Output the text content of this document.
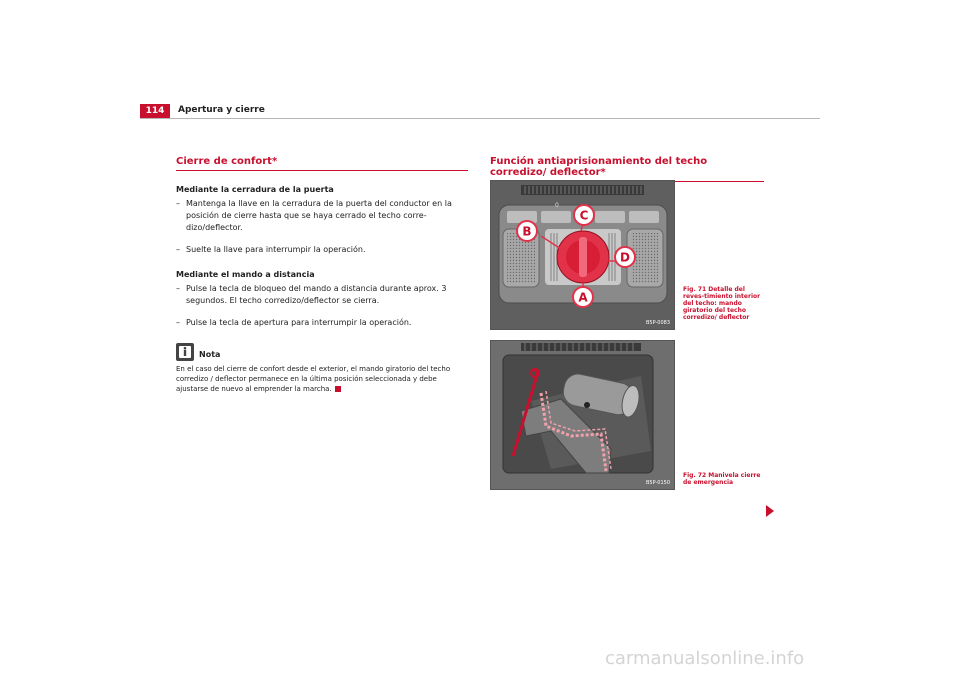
114	Apertura y cierre
Cierre de confort*
Mediante la cerradura de la puerta
– Mantenga la llave en la cerradura de la puerta del conductor en la posición de cierre hasta que se haya cerrado el techo corre-dizo/deflector.
– Suelte la llave para interrumpir la operación.
Mediante el mando a distancia
– Pulse la tecla de bloqueo del mando a distancia durante aprox. 3 segundos. El techo corredizo/deflector se cierra.
– Pulse la tecla de apertura para interrumpir la operación.
Nota
En el caso del cierre de confort desde el exterior, el mando giratorio del techo corredizo / deflector permanece en la última posición seleccionada y debe ajustarse de nuevo al emprender la marcha.
Función antiaprisionamiento del techo corredizo/ deflector*
0
C
B
D
A
B5P-0083
Fig. 71 Detalle del reves-timiento interior del techo: mando giratorio del techo corredizo/ deflector
B5P-0150
Fig. 72 Manivela cierre de emergencia
carmanualsonline.info
